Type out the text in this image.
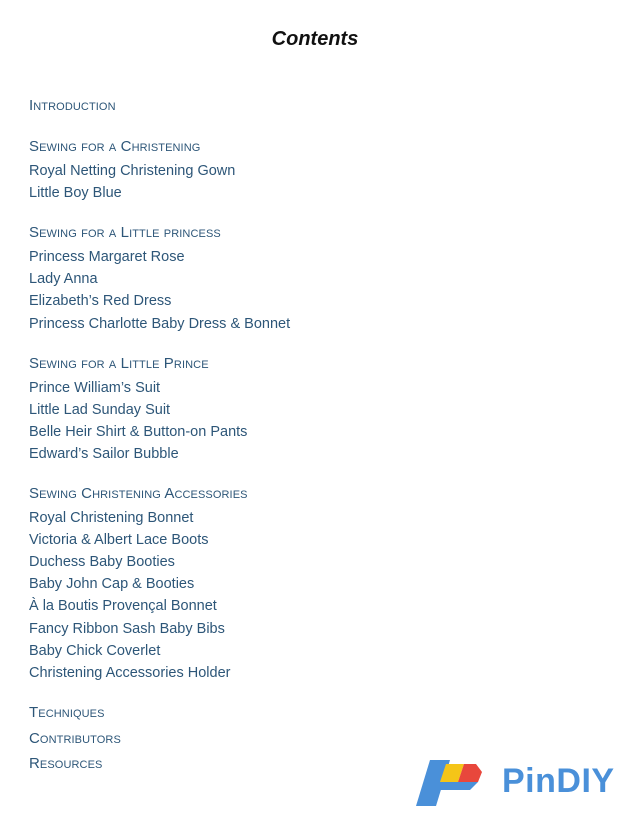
Contents
Introduction
Sewing for a Christening
Royal Netting Christening Gown
Little Boy Blue
Sewing for a Little princess
Princess Margaret Rose
Lady Anna
Elizabeth’s Red Dress
Princess Charlotte Baby Dress & Bonnet
Sewing for a Little Prince
Prince William’s Suit
Little Lad Sunday Suit
Belle Heir Shirt & Button-on Pants
Edward’s Sailor Bubble
Sewing Christening Accessories
Royal Christening Bonnet
Victoria & Albert Lace Boots
Duchess Baby Booties
Baby John Cap & Booties
À la Boutis Provençal Bonnet
Fancy Ribbon Sash Baby Bibs
Baby Chick Coverlet
Christening Accessories Holder
Techniques
Contributors
Resources	PinDIY
